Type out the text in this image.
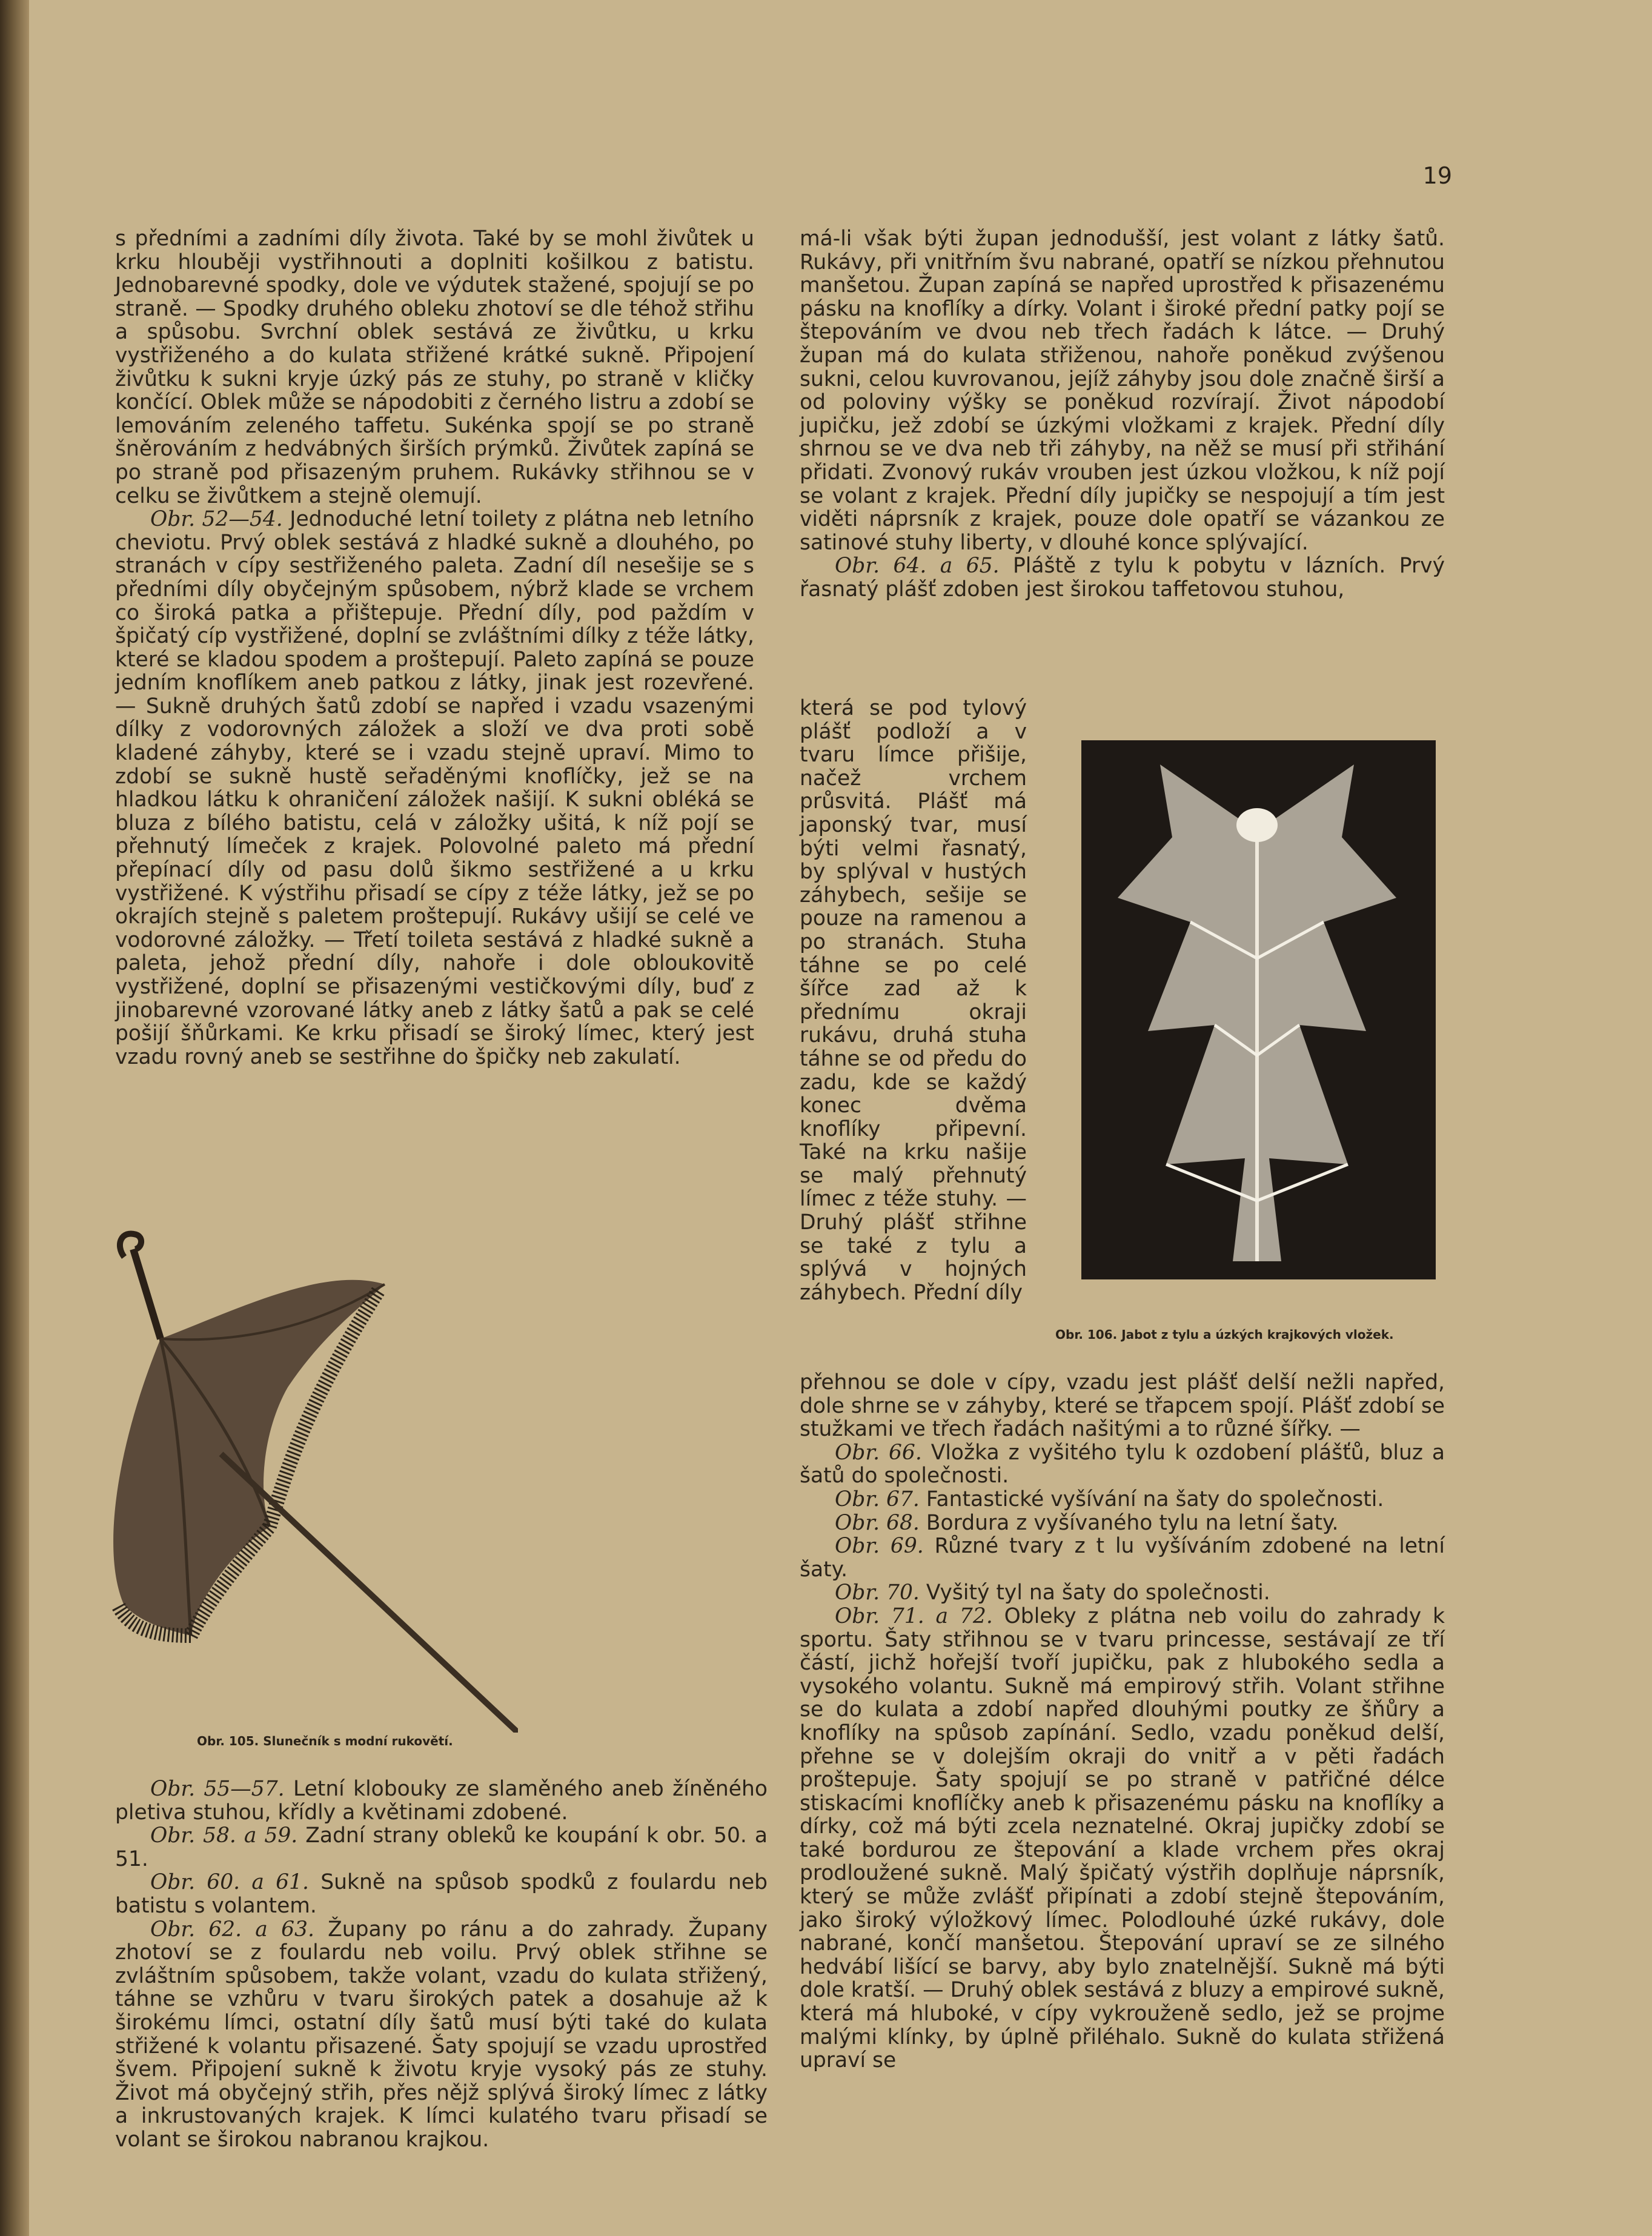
19

s předními a zadními díly života. Také by se mohl živůtek u krku hlouběji vystřihnouti a doplniti košilkou z batistu. Jednobarevné spodky, dole ve výdutek stažené, spojují se po straně. — Spodky druhého obleku zhotoví se dle téhož střihu a spůsobu. Svrchní oblek sestává ze živůtku, u krku vystřiženého a do kulata střižené krátké sukně. Připojení živůtku k sukni kryje úzký pás ze stuhy, po straně v kličky končící. Oblek může se nápodobiti z černého listru a zdobí se lemováním zeleného taffetu. Sukénka spojí se po straně šněrováním z hedvábných širších prýmků. Živůtek zapíná se po straně pod přisazeným pruhem. Rukávky střihnou se v celku se živůtkem a stejně olemují.

Obr. 52—54. Jednoduché letní toilety z plátna neb letního cheviotu. Prvý oblek sestává z hladké sukně a dlouhého, po stranách v cípy sestřiženého paleta. Zadní díl nesešije se s předními díly obyčejným spůsobem, nýbrž klade se vrchem co široká patka a přištepuje. Přední díly, pod paždím v špičatý cíp vystřižené, doplní se zvláštními dílky z téže látky, které se kladou spodem a proštepují. Paleto zapíná se pouze jedním knoflíkem aneb patkou z látky, jinak jest rozevřené. — Sukně druhých šatů zdobí se napřed i vzadu vsazenými dílky z vodorovných záložek a složí ve dva proti sobě kladené záhyby, které se i vzadu stejně upraví. Mimo to zdobí se sukně hustě seřaděnými knoflíčky, jež se na hladkou látku k ohraničení záložek našijí. K sukni obléká se bluza z bílého batistu, celá v záložky ušitá, k níž pojí se přehnutý límeček z krajek. Polovolné paleto má přední přepínací díly od pasu dolů šikmo sestřižené a u krku vystřižené. K výstřihu přisadí se cípy z téže látky, jež se po okrajích stejně s paletem proštepují. Rukávy ušijí se celé ve vodorovné záložky. — Třetí toileta sestává z hladké sukně a paleta, jehož přední díly, nahoře i dole obloukovitě vystřižené, doplní se přisazenými vestičkovými díly, buď z jinobarevné vzorované látky aneb z látky šatů a pak se celé pošijí šňůrkami. Ke krku přisadí se široký límec, který jest vzadu rovný aneb se sestřihne do špičky neb zakulatí.

Obr. 105. Slunečník s modní rukovětí.

Obr. 55—57. Letní klobouky ze slaměného aneb žíněného pletiva stuhou, křídly a květinami zdobené.

Obr. 58. a 59. Zadní strany obleků ke koupání k obr. 50. a 51.

Obr. 60. a 61. Sukně na spůsob spodků z foulardu neb batistu s volantem.

Obr. 62. a 63. Župany po ránu a do zahrady. Župany zhotoví se z foulardu neb voilu. Prvý oblek střihne se zvláštním spůsobem, takže volant, vzadu do kulata střižený, táhne se vzhůru v tvaru širokých patek a dosahuje až k širokému límci, ostatní díly šatů musí býti také do kulata střižené k volantu přisazené. Šaty spojují se vzadu uprostřed švem. Připojení sukně k životu kryje vysoký pás ze stuhy. Život má obyčejný střih, přes nějž splývá široký límec z látky a inkrustovaných krajek. K límci kulatého tvaru přisadí se volant se širokou nabranou krajkou.

má-li však býti župan jednodušší, jest volant z látky šatů. Rukávy, při vnitřním švu nabrané, opatří se nízkou přehnutou manšetou. Župan zapíná se napřed uprostřed k přisazenému pásku na knoflíky a dírky. Volant i široké přední patky pojí se štepováním ve dvou neb třech řadách k látce. — Druhý župan má do kulata střiženou, nahoře poněkud zvýšenou sukni, celou kuvrovanou, jejíž záhyby jsou dole značně širší a od poloviny výšky se poněkud rozvírají. Život nápodobí jupičku, jež zdobí se úzkými vložkami z krajek. Přední díly shrnou se ve dva neb tři záhyby, na něž se musí při střihání přidati. Zvonový rukáv vrouben jest úzkou vložkou, k níž pojí se volant z krajek. Přední díly jupičky se nespojují a tím jest viděti náprsník z krajek, pouze dole opatří se vázankou ze satinové stuhy liberty, v dlouhé konce splývající.

Obr. 64. a 65. Pláště z tylu k pobytu v lázních. Prvý řasnatý plášť zdoben jest širokou taffetovou stuhou,

která se pod tylový plášť podloží a v tvaru límce přišije, načež vrchem průsvitá. Plášť má japonský tvar, musí býti velmi řasnatý, by splýval v hustých záhybech, sešije se pouze na ramenou a po stranách. Stuha táhne se po celé šířce zad až k přednímu okraji rukávu, druhá stuha táhne se od předu do zadu, kde se každý konec dvěma knoflíky připevní. Také na krku našije se malý přehnutý límec z téže stuhy. — Druhý plášť střihne se také z tylu a splývá v hojných záhybech. Přední díly

Obr. 106. Jabot z tylu a úzkých krajkových vložek.

přehnou se dole v cípy, vzadu jest plášť delší nežli napřed, dole shrne se v záhyby, které se třapcem spojí. Plášť zdobí se stužkami ve třech řadách našitými a to různé šířky. —

Obr. 66. Vložka z vyšitého tylu k ozdobení plášťů, bluz a šatů do společnosti.

Obr. 67. Fantastické vyšívání na šaty do společnosti.

Obr. 68. Bordura z vyšívaného tylu na letní šaty.

Obr. 69. Různé tvary z t lu vyšíváním zdobené na letní šaty.

Obr. 70. Vyšitý tyl na šaty do společnosti.

Obr. 71. a 72. Obleky z plátna neb voilu do zahrady k sportu. Šaty střihnou se v tvaru princesse, sestávají ze tří částí, jichž hořejší tvoří jupičku, pak z hlubokého sedla a vysokého volantu. Sukně má empirový střih. Volant střihne se do kulata a zdobí napřed dlouhými poutky ze šňůry a knoflíky na spůsob zapínání. Sedlo, vzadu poněkud delší, přehne se v dolejším okraji do vnitř a v pěti řadách proštepuje. Šaty spojují se po straně v patřičné délce stiskacími knoflíčky aneb k přisazenému pásku na knoflíky a dírky, což má býti zcela neznatelné. Okraj jupičky zdobí se také bordurou ze štepování a klade vrchem přes okraj prodloužené sukně. Malý špičatý výstřih doplňuje náprsník, který se může zvlášť připínati a zdobí stejně štepováním, jako široký výložkový límec. Polodlouhé úzké rukávy, dole nabrané, končí manšetou. Štepování upraví se ze silného hedvábí lišící se barvy, aby bylo znatelnější. Sukně má býti dole kratší. — Druhý oblek sestává z bluzy a empirové sukně, která má hluboké, v cípy vykrouženě sedlo, jež se projme malými klínky, by úplně přiléhalo. Sukně do kulata střižená upraví se
